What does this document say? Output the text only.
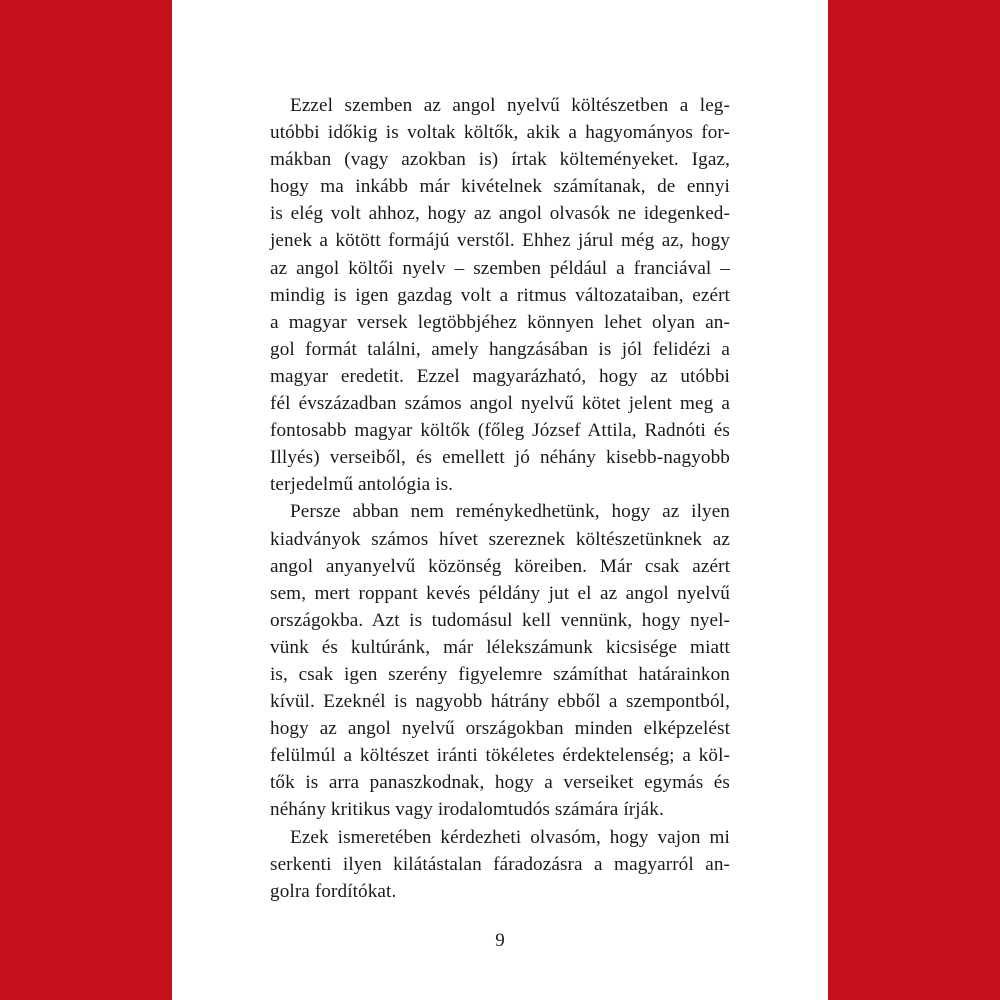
Ezzel szemben az angol nyelvű költészetben a leg-
utóbbi időkig is voltak költők, akik a hagyományos for-
mákban (vagy azokban is) írtak költeményeket. Igaz,
hogy ma inkább már kivételnek számítanak, de ennyi
is elég volt ahhoz, hogy az angol olvasók ne idegenked-
jenek a kötött formájú verstől. Ehhez járul még az, hogy
az angol költői nyelv – szemben például a franciával –
mindig is igen gazdag volt a ritmus változataiban, ezért
a magyar versek legtöbbjéhez könnyen lehet olyan an-
gol formát találni, amely hangzásában is jól felidézi a
magyar eredetit. Ezzel magyarázható, hogy az utóbbi
fél évszázadban számos angol nyelvű kötet jelent meg a
fontosabb magyar költők (főleg József Attila, Radnóti és
Illyés) verseiből, és emellett jó néhány kisebb-nagyobb
terjedelmű antológia is.
Persze abban nem reménykedhetünk, hogy az ilyen
kiadványok számos hívet szereznek költészetünknek az
angol anyanyelvű közönség köreiben. Már csak azért
sem, mert roppant kevés példány jut el az angol nyelvű
országokba. Azt is tudomásul kell vennünk, hogy nyel-
vünk és kultúránk, már lélekszámunk kicsisége miatt
is, csak igen szerény figyelemre számíthat határainkon
kívül. Ezeknél is nagyobb hátrány ebből a szempontból,
hogy az angol nyelvű országokban minden elképzelést
felülmúl a költészet iránti tökéletes érdektelenség; a köl-
tők is arra panaszkodnak, hogy a verseiket egymás és
néhány kritikus vagy irodalomtudós számára írják.
Ezek ismeretében kérdezheti olvasóm, hogy vajon mi
serkenti ilyen kilátástalan fáradozásra a magyarról an-
golra fordítókat.
9
